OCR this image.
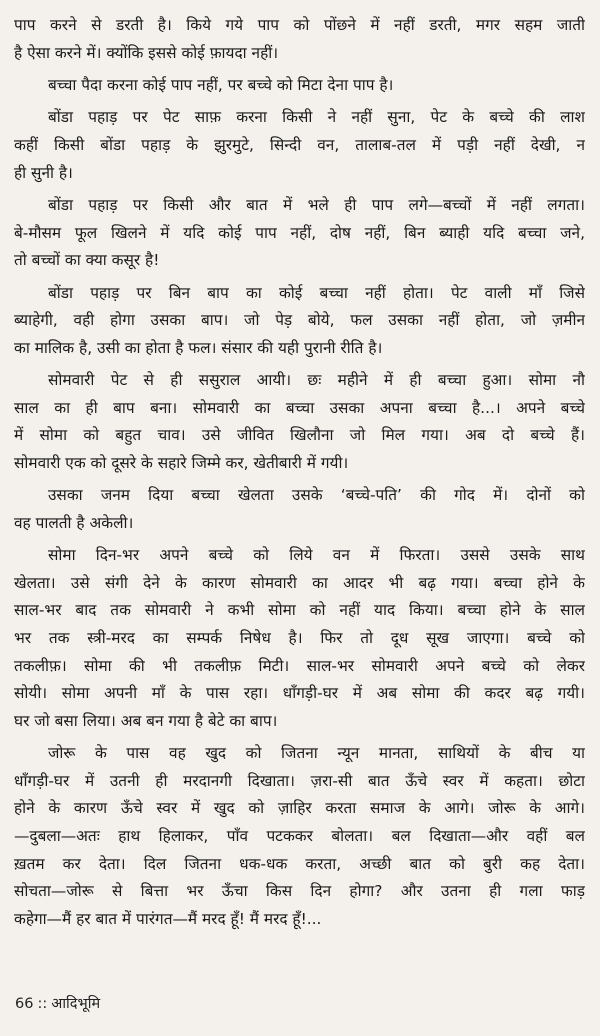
पाप करने से डरती है। किये गये पाप को पोंछने में नहीं डरती, मगर सहम जाती
है ऐसा करने में। क्योंकि इससे कोई फ़ायदा नहीं।
बच्चा पैदा करना कोई पाप नहीं, पर बच्चे को मिटा देना पाप है।
बोंडा पहाड़ पर पेट साफ़ करना किसी ने नहीं सुना, पेट के बच्चे की लाश
कहीं किसी बोंडा पहाड़ के झुरमुटे, सिन्दी वन, तालाब-तल में पड़ी नहीं देखी, न
ही सुनी है।
बोंडा पहाड़ पर किसी और बात में भले ही पाप लगे—बच्चों में नहीं लगता।
बे-मौसम फूल खिलने में यदि कोई पाप नहीं, दोष नहीं, बिन ब्याही यदि बच्चा जने,
तो बच्चों का क्या कसूर है!
बोंडा पहाड़ पर बिन बाप का कोई बच्चा नहीं होता। पेट वाली माँ जिसे
ब्याहेगी, वही होगा उसका बाप। जो पेड़ बोये, फल उसका नहीं होता, जो ज़मीन
का मालिक है, उसी का होता है फल। संसार की यही पुरानी रीति है।
सोमवारी पेट से ही ससुराल आयी। छः महीने में ही बच्चा हुआ। सोमा नौ
साल का ही बाप बना। सोमवारी का बच्चा उसका अपना बच्चा है...। अपने बच्चे
में सोमा को बहुत चाव। उसे जीवित खिलौना जो मिल गया। अब दो बच्चे हैं।
सोमवारी एक को दूसरे के सहारे जिम्मे कर, खेतीबारी में गयी।
उसका जनम दिया बच्चा खेलता उसके ‘बच्चे-पति’ की गोद में। दोनों को
वह पालती है अकेली।
सोमा दिन-भर अपने बच्चे को लिये वन में फिरता। उससे उसके साथ
खेलता। उसे संगी देने के कारण सोमवारी का आदर भी बढ़ गया। बच्चा होने के
साल-भर बाद तक सोमवारी ने कभी सोमा को नहीं याद किया। बच्चा होने के साल
भर तक स्त्री-मरद का सम्पर्क निषेध है। फिर तो दूध सूख जाएगा। बच्चे को
तकलीफ़। सोमा की भी तकलीफ़ मिटी। साल-भर सोमवारी अपने बच्चे को लेकर
सोयी। सोमा अपनी माँ के पास रहा। धाँगड़ी-घर में अब सोमा की कदर बढ़ गयी।
घर जो बसा लिया। अब बन गया है बेटे का बाप।
जोरू के पास वह खुद को जितना न्यून मानता, साथियों के बीच या
धाँगड़ी-घर में उतनी ही मरदानगी दिखाता। ज़रा-सी बात ऊँचे स्वर में कहता। छोटा
होने के कारण ऊँचे स्वर में खुद को ज़ाहिर करता समाज के आगे। जोरू के आगे।
—दुबला—अतः हाथ हिलाकर, पाँव पटककर बोलता। बल दिखाता—और वहीं बल
ख़तम कर देता। दिल जितना धक-धक करता, अच्छी बात को बुरी कह देता।
सोचता—जोरू से बित्ता भर ऊँचा किस दिन होगा? और उतना ही गला फाड़
कहेगा—मैं हर बात में पारंगत—मैं मरद हूँ! मैं मरद हूँ!...
66 :: आदिभूमि
